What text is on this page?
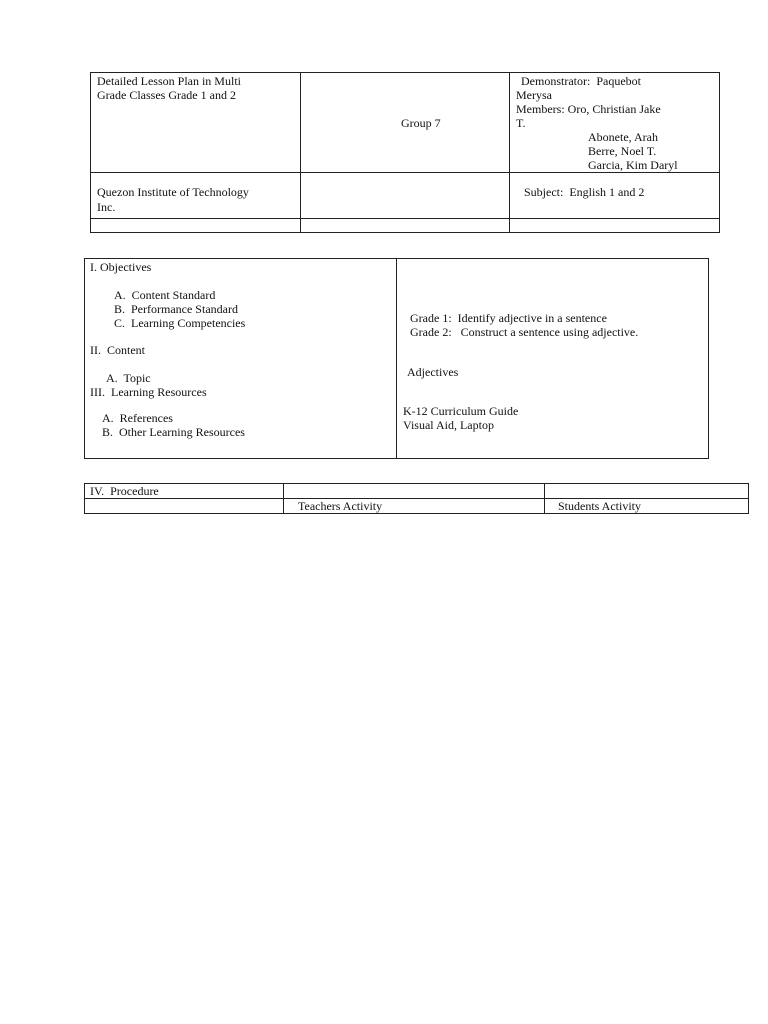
Detailed Lesson Plan in Multi
Grade Classes Grade 1 and 2
Group 7
Demonstrator:  Paquebot
Merysa
Members: Oro, Christian Jake
T.
Abonete, Arah
Berre, Noel T.
Garcia, Kim Daryl
Quezon Institute of Technology
Inc.
Subject:  English 1 and 2
I. Objectives
A.  Content Standard
B.  Performance Standard
C.  Learning Competencies
II.  Content
A.  Topic
III.  Learning Resources
A.  References
B.  Other Learning Resources
Grade 1:  Identify adjective in a sentence
Grade 2:   Construct a sentence using adjective.
Adjectives
K-12 Curriculum Guide
Visual Aid, Laptop
IV.  Procedure
Teachers Activity	Students Activity
